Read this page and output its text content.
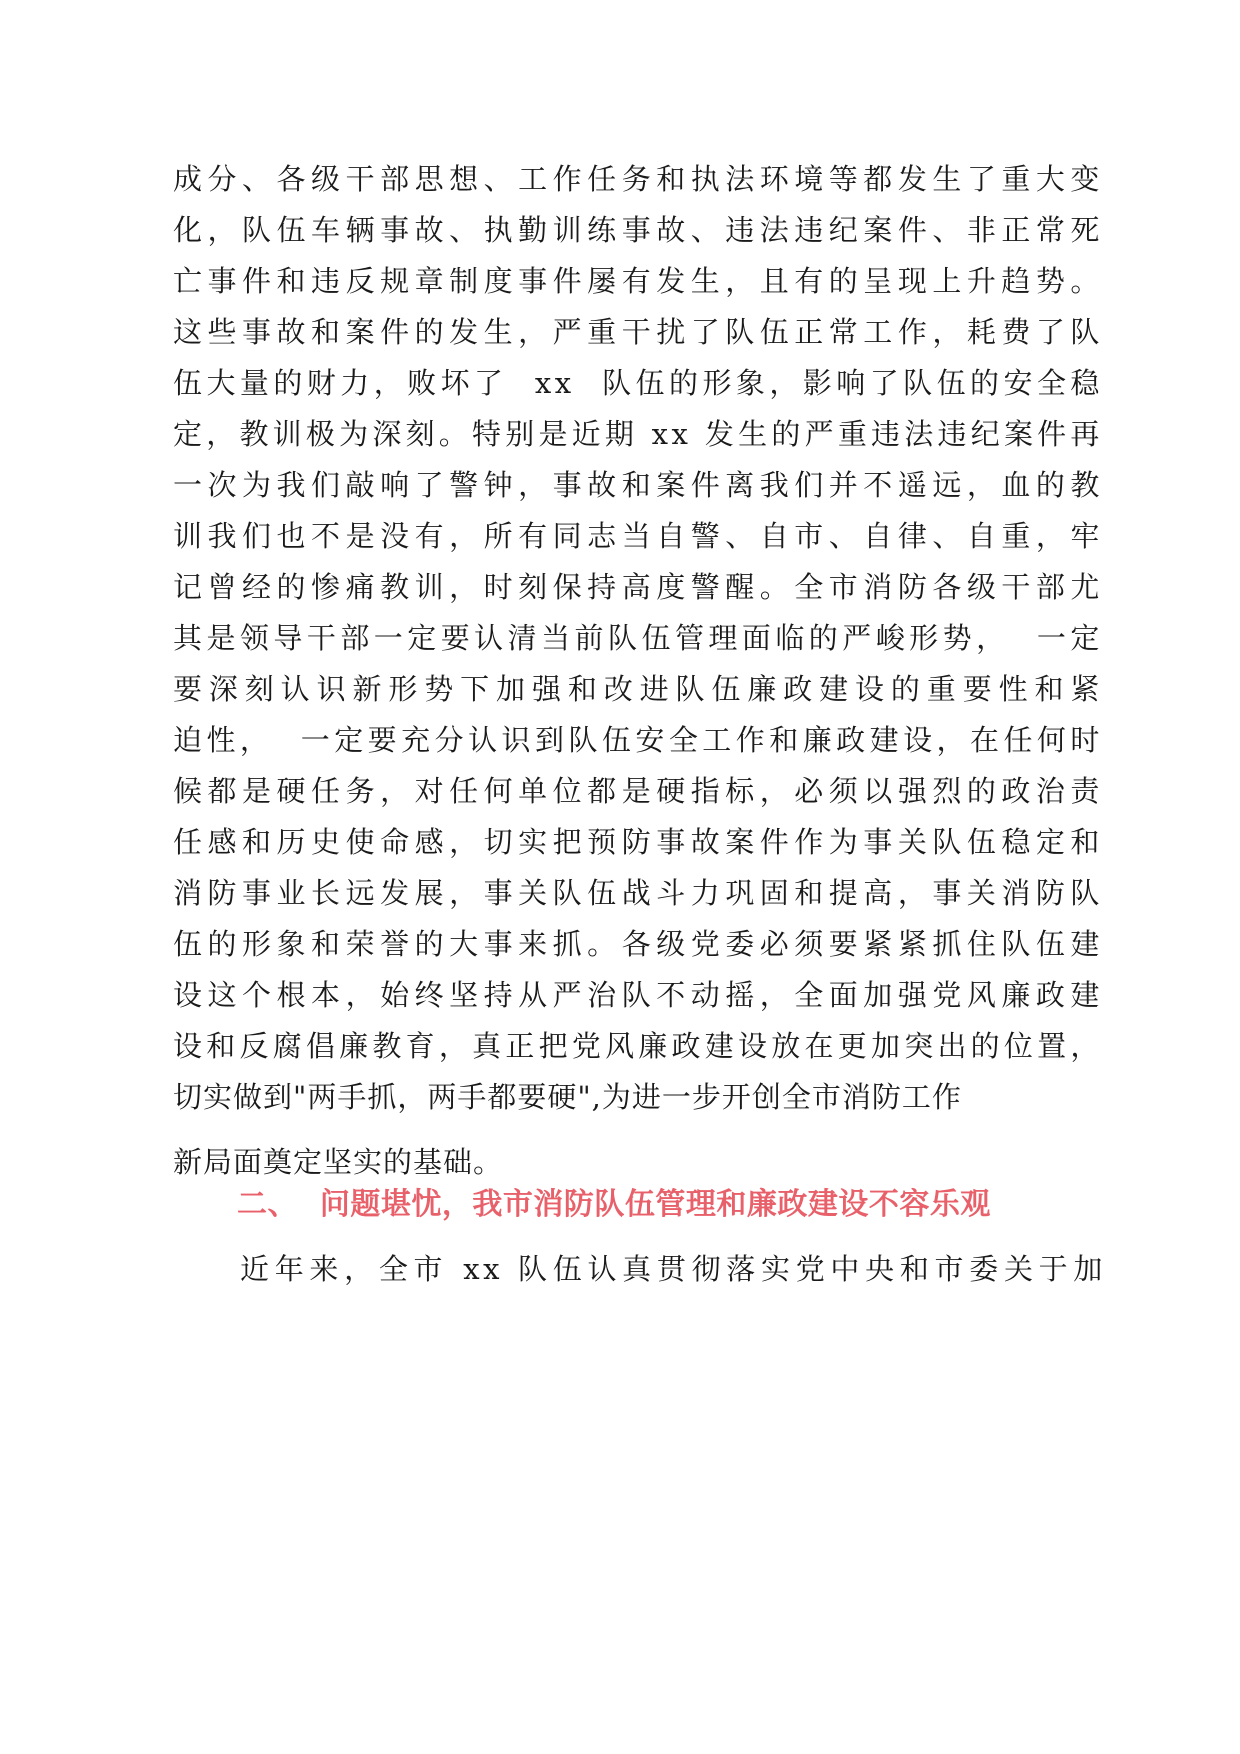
成分、各级干部思想、工作任务和执法环境等都发生了重大变
化，队伍车辆事故、执勤训练事故、违法违纪案件、非正常死
亡事件和违反规章制度事件屡有发生，且有的呈现上升趋势。
这些事故和案件的发生，严重干扰了队伍正常工作，耗费了队
伍大量的财力，败坏了  xx  队伍的形象，影响了队伍的安全稳
定，教训极为深刻。特别是近期 xx 发生的严重违法违纪案件再
一次为我们敲响了警钟，事故和案件离我们并不遥远，血的教
训我们也不是没有，所有同志当自警、自市、自律、自重，牢
记曾经的惨痛教训，时刻保持高度警醒。全市消防各级干部尤
其是领导干部一定要认清当前队伍管理面临的严峻形势，  一定
要深刻认识新形势下加强和改进队伍廉政建设的重要性和紧
迫性，  一定要充分认识到队伍安全工作和廉政建设，在任何时
候都是硬任务，对任何单位都是硬指标，必须以强烈的政治责
任感和历史使命感，切实把预防事故案件作为事关队伍稳定和
消防事业长远发展，事关队伍战斗力巩固和提高，事关消防队
伍的形象和荣誉的大事来抓。各级党委必须要紧紧抓住队伍建
设这个根本，始终坚持从严治队不动摇，全面加强党风廉政建
设和反腐倡廉教育，真正把党风廉政建设放在更加突出的位置，
切实做到"两手抓，两手都要硬",为进一步开创全市消防工作
新局面奠定坚实的基础。
二、  问题堪忧，我市消防队伍管理和廉政建设不容乐观
近年来，全市 xx 队伍认真贯彻落实党中央和市委关于加
